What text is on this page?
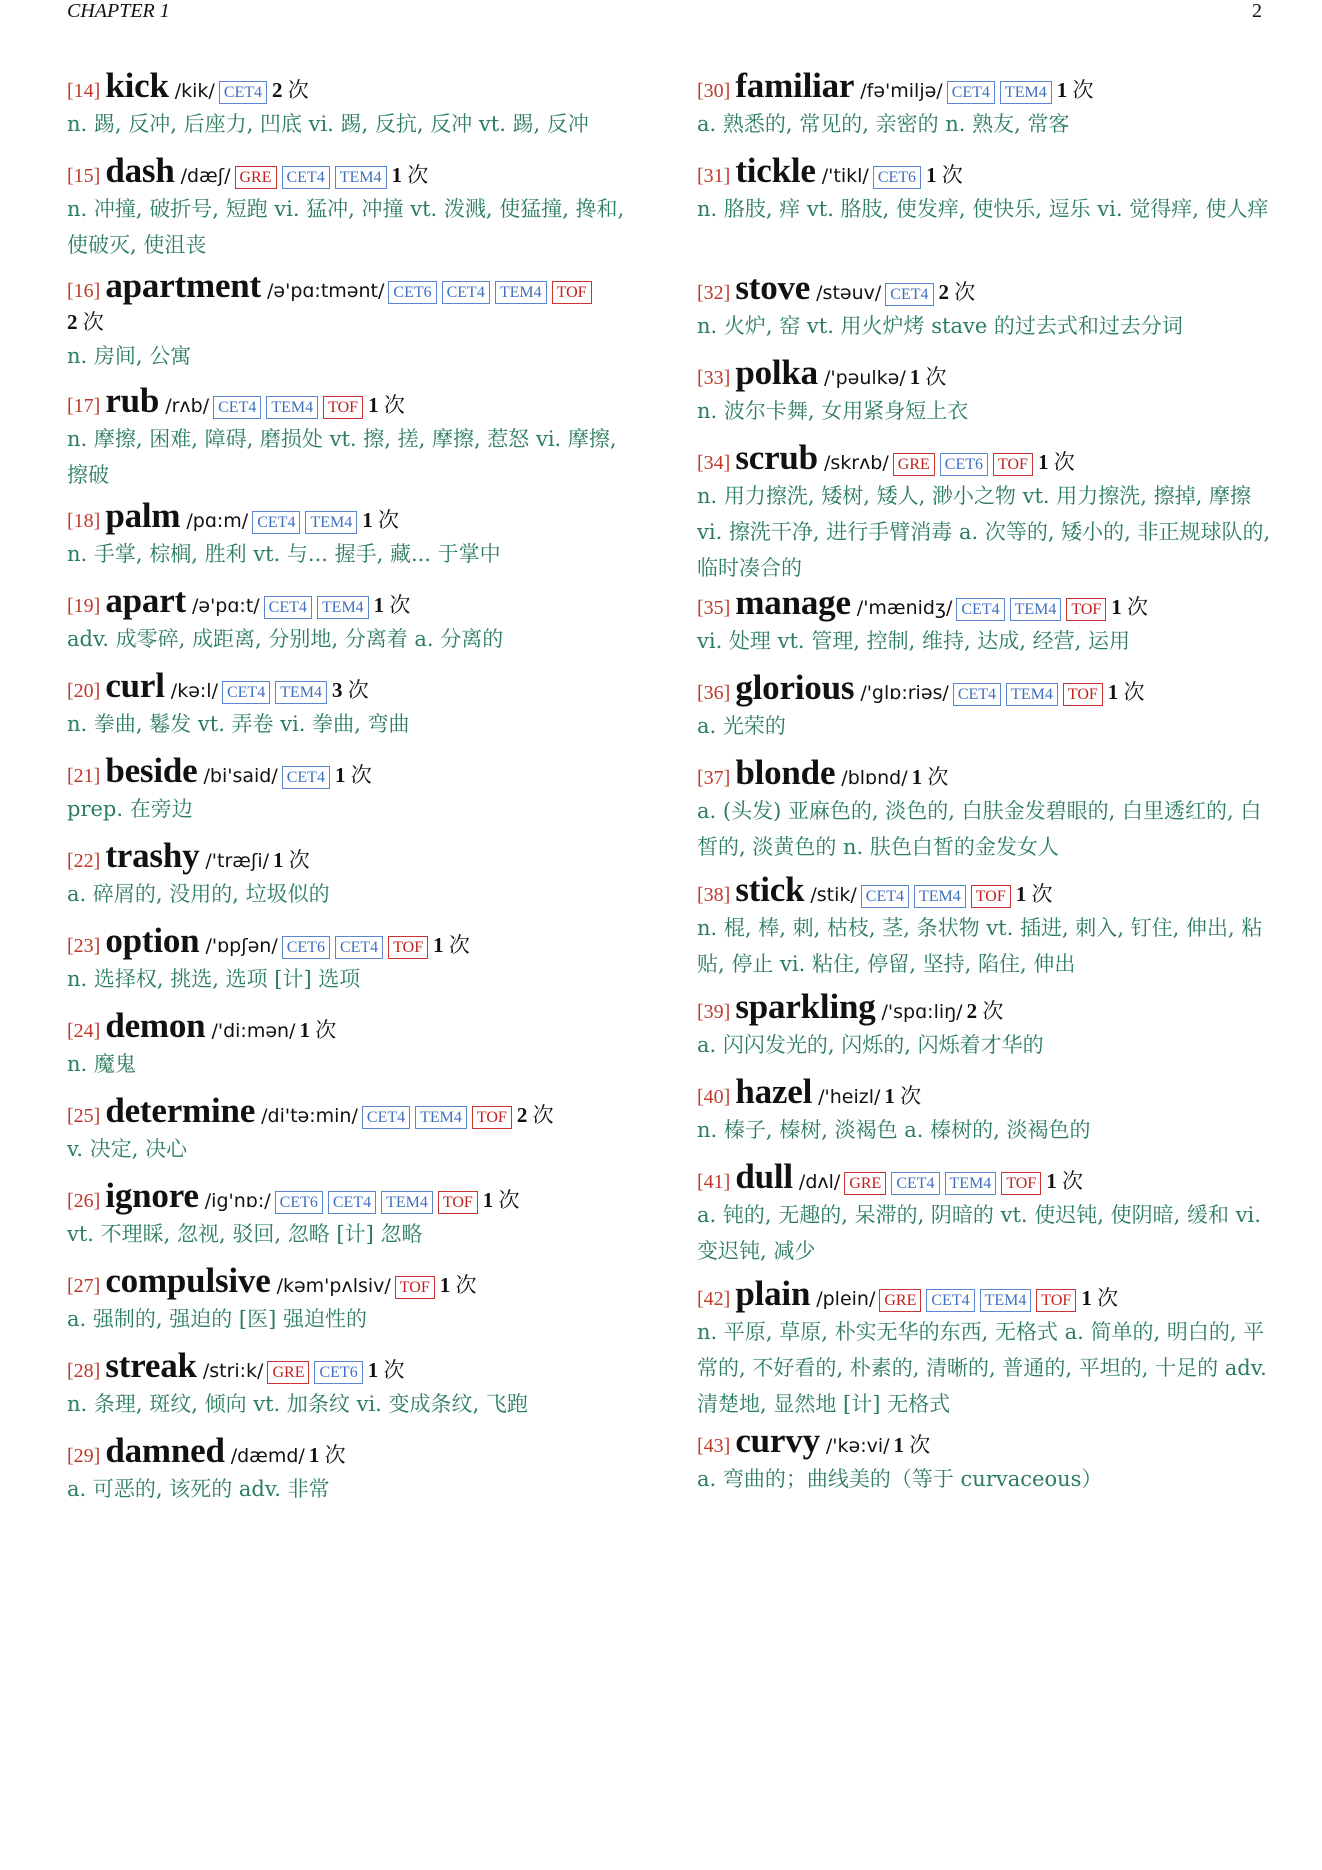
CHAPTER 1	2
[14] kick /kik/ CET4 2 次
n. 踢, 反冲, 后座力, 凹底 vi. 踢, 反抗, 反冲 vt. 踢, 反冲
[15] dash /dæʃ/ GRE CET4 TEM4 1 次
n. 冲撞, 破折号, 短跑 vi. 猛冲, 冲撞 vt. 泼溅, 使猛撞, 搀和, 使破灭, 使沮丧
[16] apartment /ə'pɑ:tmənt/ CET6 CET4 TEM4 TOF
2 次
n. 房间, 公寓
[17] rub /rʌb/ CET4 TEM4 TOF 1 次
n. 摩擦, 困难, 障碍, 磨损处 vt. 擦, 搓, 摩擦, 惹怒 vi. 摩擦, 擦破
[18] palm /pɑ:m/ CET4 TEM4 1 次
n. 手掌, 棕榈, 胜利 vt. 与... 握手, 藏... 于掌中
[19] apart /ə'pɑ:t/ CET4 TEM4 1 次
adv. 成零碎, 成距离, 分别地, 分离着 a. 分离的
[20] curl /kə:l/ CET4 TEM4 3 次
n. 拳曲, 鬈发 vt. 弄卷 vi. 拳曲, 弯曲
[21] beside /bi'said/ CET4 1 次
prep. 在旁边
[22] trashy /'træʃi/ 1 次
a. 碎屑的, 没用的, 垃圾似的
[23] option /'ɒpʃən/ CET6 CET4 TOF 1 次
n. 选择权, 挑选, 选项 [计] 选项
[24] demon /'di:mən/ 1 次
n. 魔鬼
[25] determine /di'tə:min/ CET4 TEM4 TOF 2 次
v. 决定, 决心
[26] ignore /ig'nɒ:/ CET6 CET4 TEM4 TOF 1 次
vt. 不理睬, 忽视, 驳回, 忽略 [计] 忽略
[27] compulsive /kəm'pʌlsiv/ TOF 1 次
a. 强制的, 强迫的 [医] 强迫性的
[28] streak /stri:k/ GRE CET6 1 次
n. 条理, 斑纹, 倾向 vt. 加条纹 vi. 变成条纹, 飞跑
[29] damned /dæmd/ 1 次
a. 可恶的, 该死的 adv. 非常
[30] familiar /fə'miljə/ CET4 TEM4 1 次
a. 熟悉的, 常见的, 亲密的 n. 熟友, 常客
[31] tickle /'tikl/ CET6 1 次
n. 胳肢, 痒 vt. 胳肢, 使发痒, 使快乐, 逗乐 vi. 觉得痒, 使人痒
[32] stove /stəuv/ CET4 2 次
n. 火炉, 窑 vt. 用火炉烤 stave 的过去式和过去分词
[33] polka /'pəulkə/ 1 次
n. 波尔卡舞, 女用紧身短上衣
[34] scrub /skrʌb/ GRE CET6 TOF 1 次
n. 用力擦洗, 矮树, 矮人, 渺小之物 vt. 用力擦洗, 擦掉, 摩擦 vi. 擦洗干净, 进行手臂消毒 a. 次等的, 矮小的, 非正规球队的, 临时凑合的
[35] manage /'mænidʒ/ CET4 TEM4 TOF 1 次
vi. 处理 vt. 管理, 控制, 维持, 达成, 经营, 运用
[36] glorious /'glɒ:riəs/ CET4 TEM4 TOF 1 次
a. 光荣的
[37] blonde /blɒnd/ 1 次
a. (头发) 亚麻色的, 淡色的, 白肤金发碧眼的, 白里透红的, 白皙的, 淡黄色的 n. 肤色白皙的金发女人
[38] stick /stik/ CET4 TEM4 TOF 1 次
n. 棍, 棒, 刺, 枯枝, 茎, 条状物 vt. 插进, 刺入, 钉住, 伸出, 粘贴, 停止 vi. 粘住, 停留, 坚持, 陷住, 伸出
[39] sparkling /'spɑ:liŋ/ 2 次
a. 闪闪发光的, 闪烁的, 闪烁着才华的
[40] hazel /'heizl/ 1 次
n. 榛子, 榛树, 淡褐色 a. 榛树的, 淡褐色的
[41] dull /dʌl/ GRE CET4 TEM4 TOF 1 次
a. 钝的, 无趣的, 呆滞的, 阴暗的 vt. 使迟钝, 使阴暗, 缓和 vi. 变迟钝, 减少
[42] plain /plein/ GRE CET4 TEM4 TOF 1 次
n. 平原, 草原, 朴实无华的东西, 无格式 a. 简单的, 明白的, 平常的, 不好看的, 朴素的, 清晰的, 普通的, 平坦的, 十足的 adv. 清楚地, 显然地 [计] 无格式
[43] curvy /'kə:vi/ 1 次
a. 弯曲的；曲线美的（等于 curvaceous）
